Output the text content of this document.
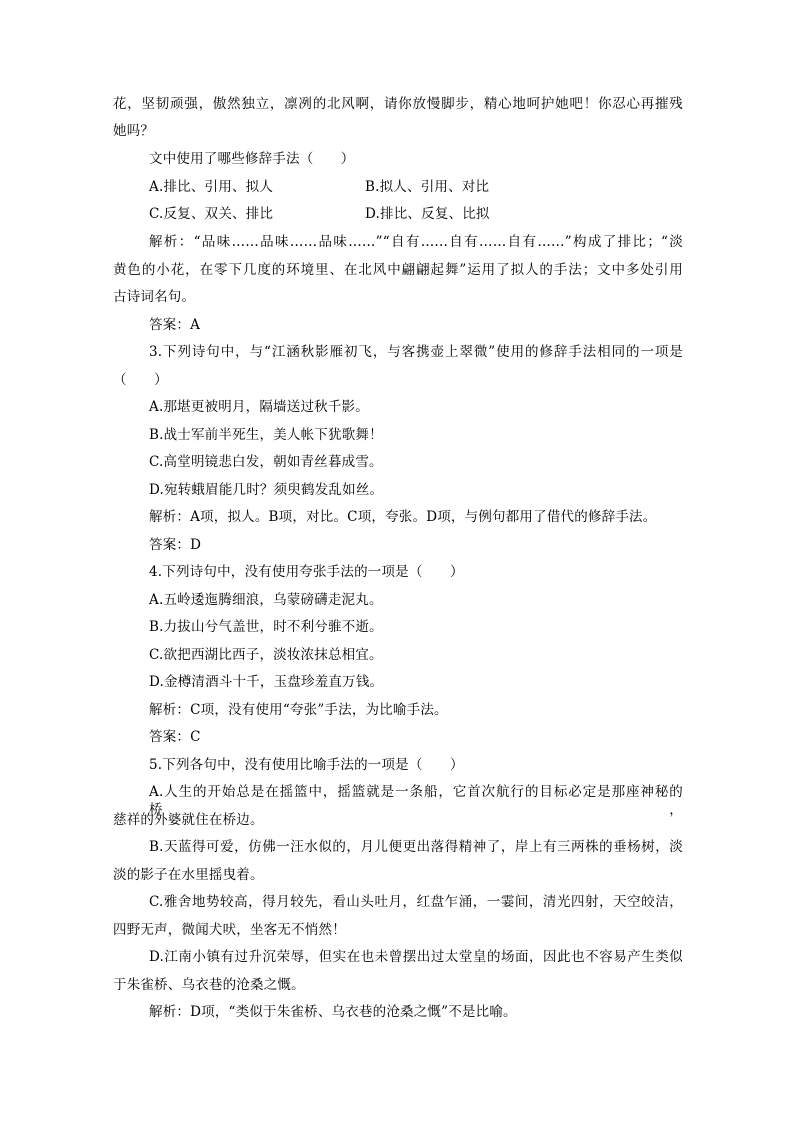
花，坚韧顽强，傲然独立，凛冽的北风啊，请你放慢脚步，精心地呵护她吧！你忍心再摧残
她吗？
文中使用了哪些修辞手法（　　）
A.排比、引用、拟人	B.拟人、引用、对比
C.反复、双关、排比	D.排比、反复、比拟
解析：“品味……品味……品味……”“自有……自有……自有……”构成了排比；“淡
黄色的小花，在零下几度的环境里、在北风中翩翩起舞”运用了拟人的手法；文中多处引用
古诗词名句。
答案：A
3.下列诗句中，与“江涵秋影雁初飞，与客携壶上翠微”使用的修辞手法相同的一项是
（　　）
A.那堪更被明月，隔墙送过秋千影。
B.战士军前半死生，美人帐下犹歌舞！
C.高堂明镜悲白发，朝如青丝暮成雪。
D.宛转蛾眉能几时？须臾鹤发乱如丝。
解析：A项，拟人。B项，对比。C项，夸张。D项，与例句都用了借代的修辞手法。
答案：D
4.下列诗句中，没有使用夸张手法的一项是（　　）
A.五岭逶迤腾细浪，乌蒙磅礴走泥丸。
B.力拔山兮气盖世，时不利兮骓不逝。
C.欲把西湖比西子，淡妆浓抹总相宜。
D.金樽清酒斗十千，玉盘珍羞直万钱。
解析：C项，没有使用“夸张”手法，为比喻手法。
答案：C
5.下列各句中，没有使用比喻手法的一项是（　　）
A.人生的开始总是在摇篮中，摇篮就是一条船，它首次航行的目标必定是那座神秘的桥，
慈祥的外婆就住在桥边。
B.天蓝得可爱，仿佛一汪水似的，月儿便更出落得精神了，岸上有三两株的垂杨树，淡
淡的影子在水里摇曳着。
C.雅舍地势较高，得月较先，看山头吐月，红盘乍涌，一霎间，清光四射，天空皎洁，
四野无声，微闻犬吠，坐客无不悄然！
D.江南小镇有过升沉荣辱，但实在也未曾摆出过太堂皇的场面，因此也不容易产生类似
于朱雀桥、乌衣巷的沧桑之慨。
解析：D项，“类似于朱雀桥、乌衣巷的沧桑之慨”不是比喻。
